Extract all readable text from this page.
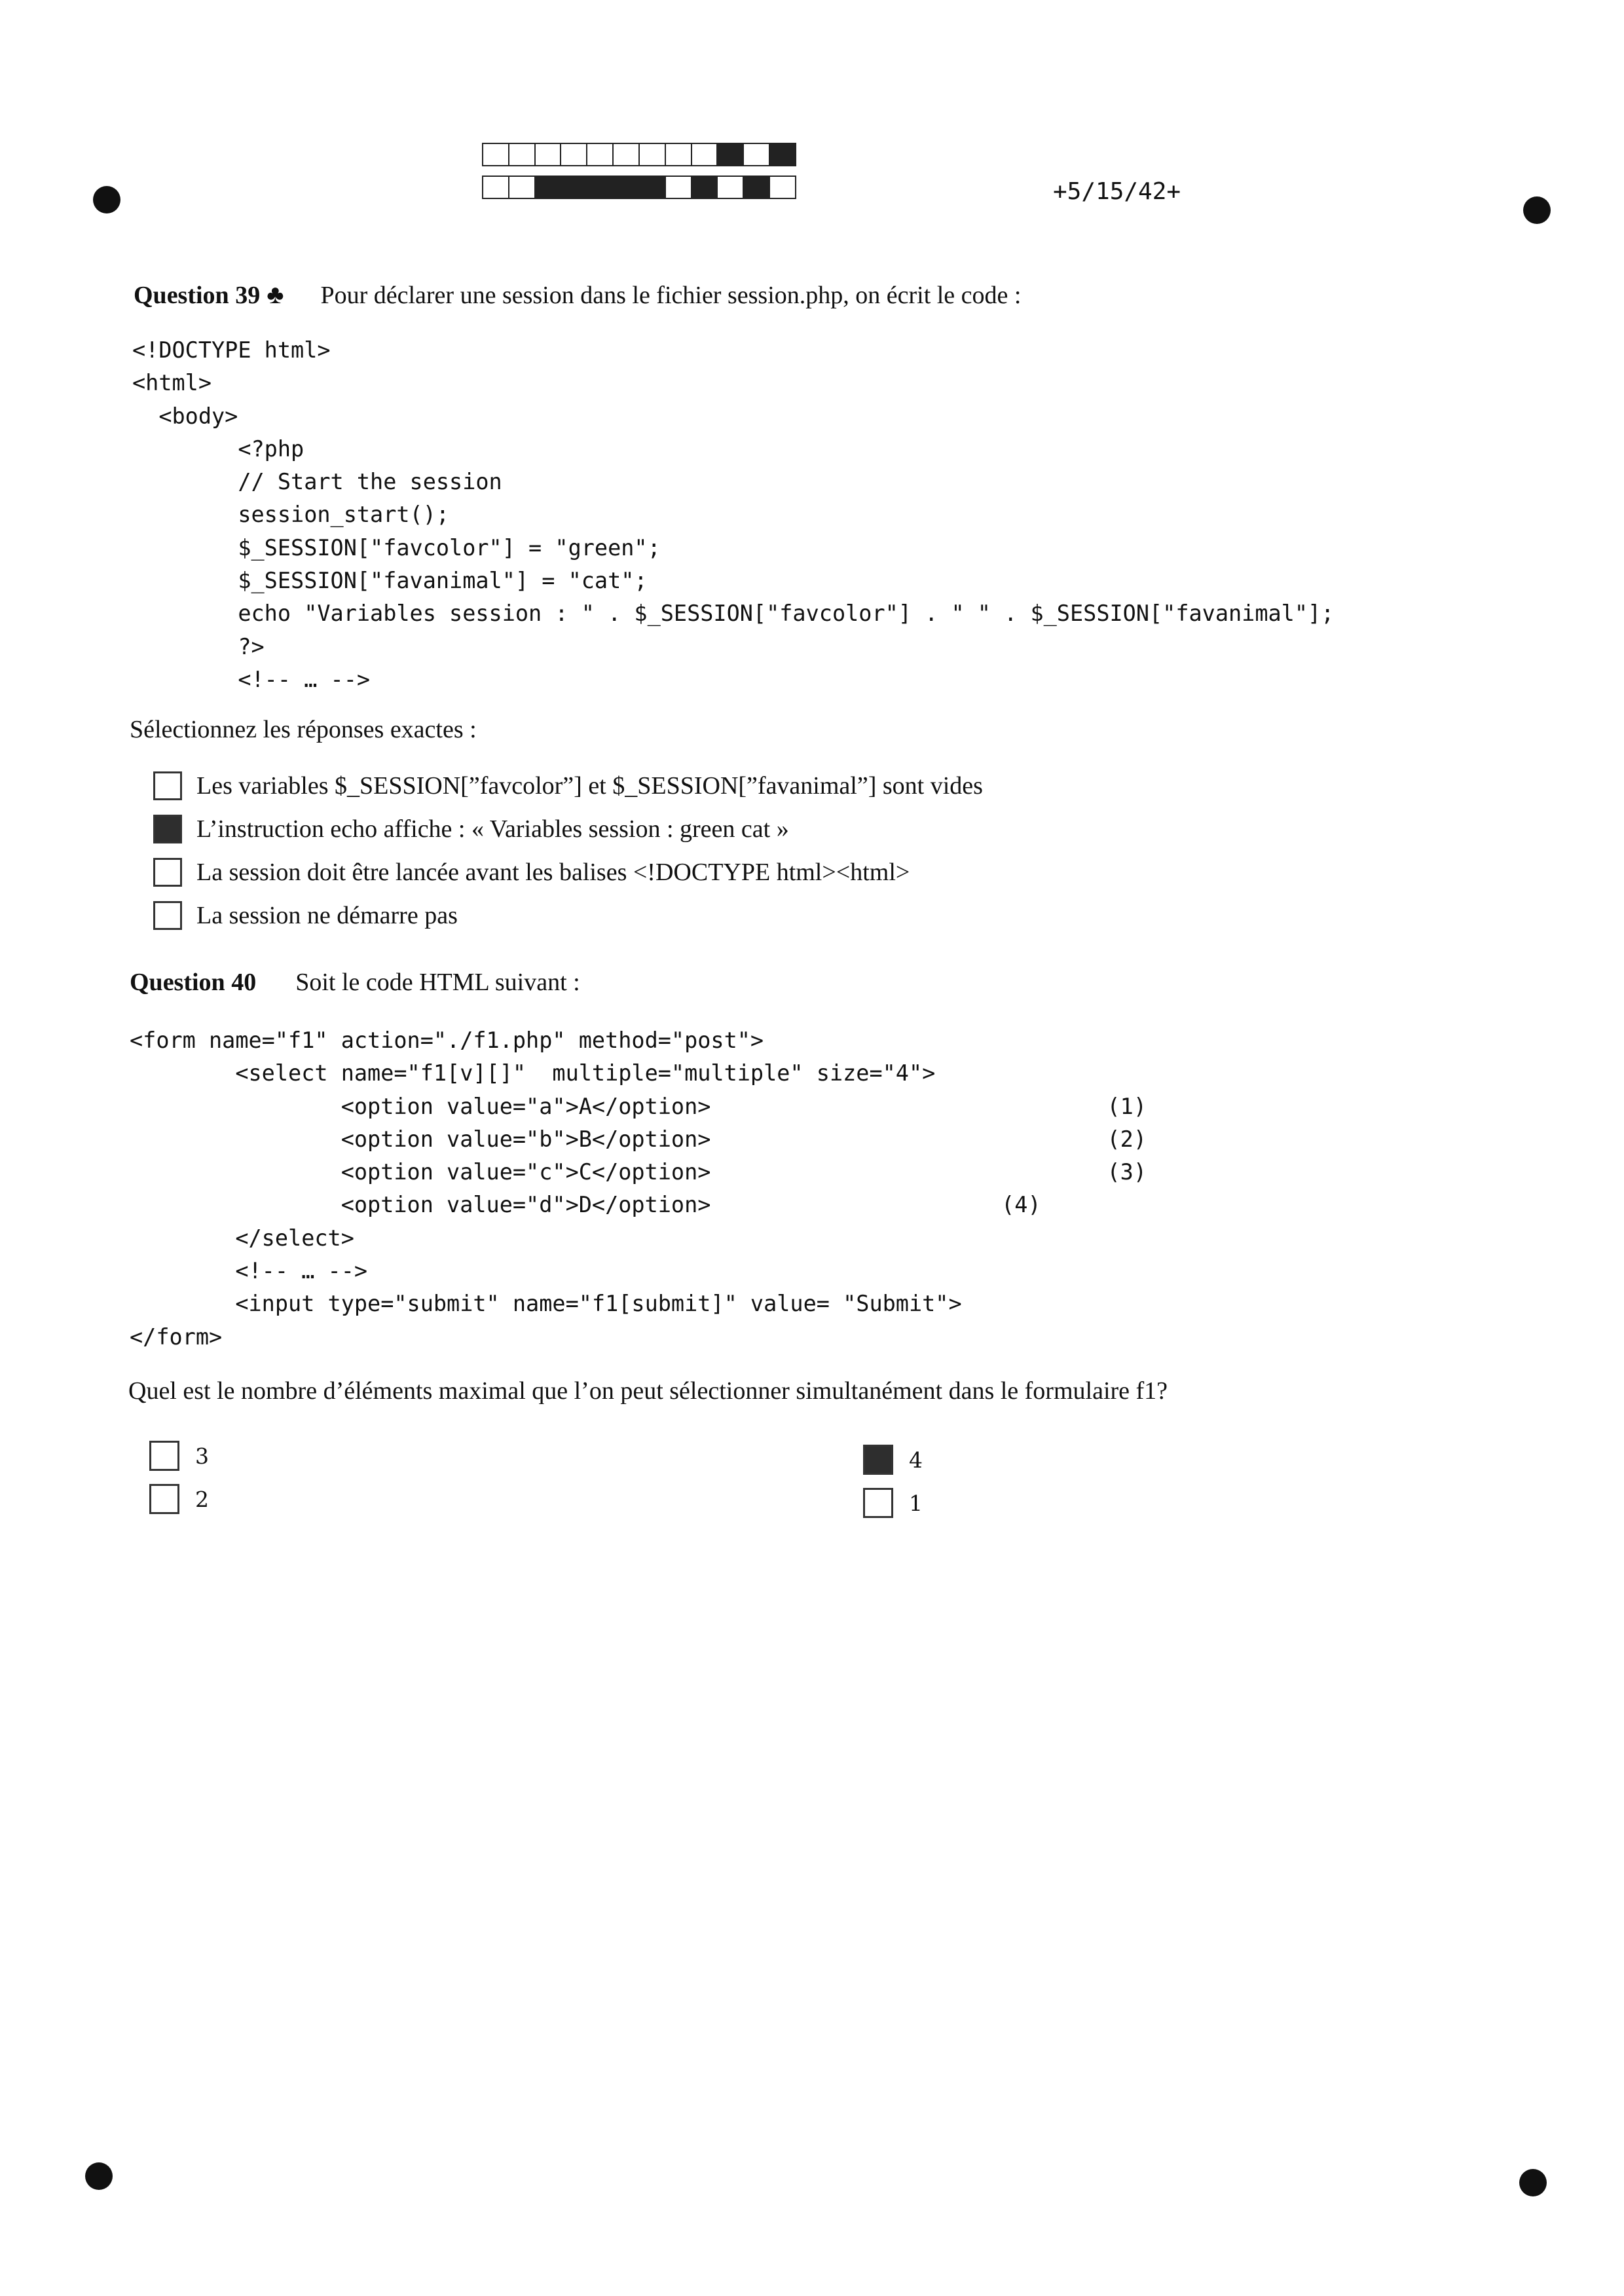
+5/15/42+
Question 39 ♣ Pour déclarer une session dans le fichier session.php, on écrit le code :
<!DOCTYPE html>
<html>
<body>
<?php
// Start the session
session_start();
$_SESSION["favcolor"] = "green";
$_SESSION["favanimal"] = "cat";
echo "Variables session : " . $_SESSION["favcolor"] . " " . $_SESSION["favanimal"];
?>
<!-- … -->
Sélectionnez les réponses exactes :
Les variables $_SESSION[”favcolor”] et $_SESSION[”favanimal”] sont vides
L’instruction echo affiche : « Variables session : green cat »
La session doit être lancée avant les balises <!DOCTYPE html><html>
La session ne démarre pas
Question 40 Soit le code HTML suivant :
<form name="f1" action="./f1.php" method="post">
<select name="f1[v][]"  multiple="multiple" size="4">
<option value="a">A</option>                              (1)
<option value="b">B</option>                              (2)
<option value="c">C</option>                              (3)
<option value="d">D</option>                      (4)
</select>
<!-- … -->
<input type="submit" name="f1[submit]" value= "Submit">
</form>
Quel est le nombre d’éléments maximal que l’on peut sélectionner simultanément dans le formulaire f1?
3
2
4
1
